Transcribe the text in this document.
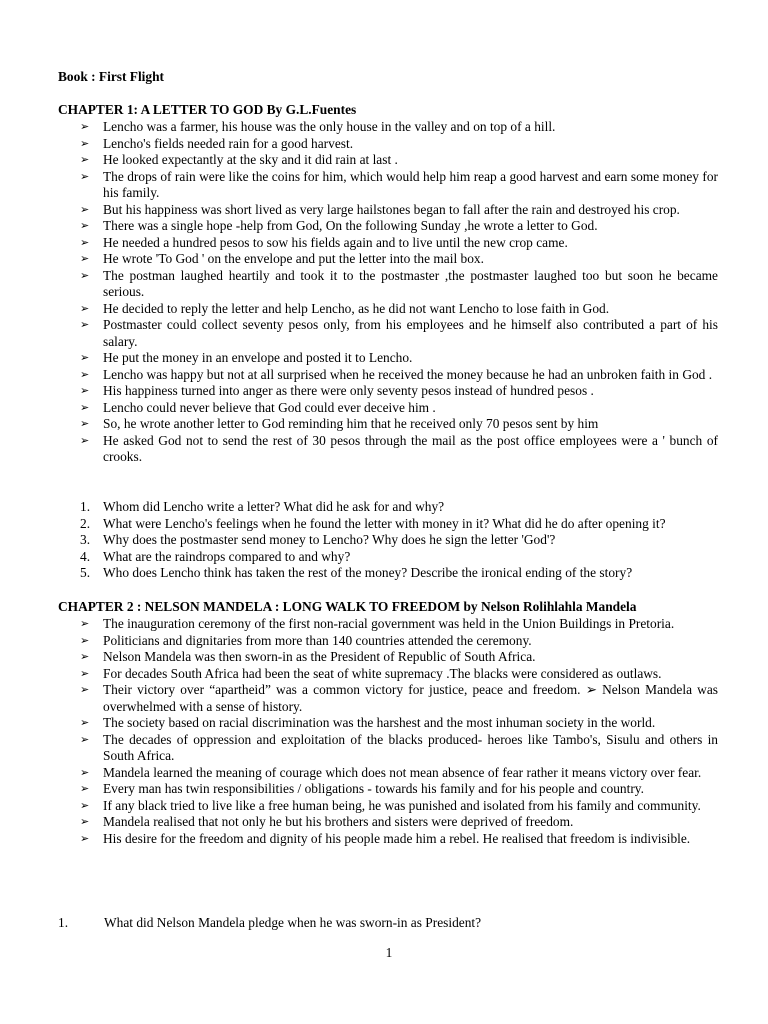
Book : First Flight
CHAPTER 1: A LETTER TO GOD By G.L.Fuentes
➢	Lencho was a farmer, his house was the only house in the valley and on top of a hill.
➢	Lencho's fields needed rain for a good harvest.
➢	He looked expectantly at the sky and it did rain at last .
➢	The drops of rain were like the coins for him, which would help him reap a good harvest and earn some money for his family.
➢	But his happiness was short lived as very large hailstones began to fall after the rain and destroyed his crop.
➢	There was a single hope -help from God, On the following Sunday ,he wrote a letter to God.
➢	He needed a hundred pesos to sow his fields again and to live until the new crop came.
➢	He wrote 'To God ' on the envelope and put the letter into the mail box.
➢	The postman laughed heartily and took it to the postmaster ,the postmaster laughed too but soon he became serious.
➢	He decided to reply the letter and help Lencho, as he did not want Lencho to lose faith in God.
➢	Postmaster could collect seventy pesos only, from his employees and he himself also contributed a part of his salary.
➢	He put the money in an envelope and posted it to Lencho.
➢	Lencho was happy but not at all surprised when he received the money because he had an unbroken faith in God .
➢	His happiness turned into anger as there were only seventy pesos instead of hundred pesos .
➢	Lencho could never believe that God could ever deceive him .
➢	So, he wrote another letter to God reminding him that he received only 70 pesos sent by him
➢	He asked God not to send the rest of 30 pesos through the mail as the post office employees were a ' bunch of crooks.
1. Whom did Lencho write a letter? What did he ask for and why?
2. What were Lencho's feelings when he found the letter with money in it? What did he do after opening it?
3. Why does the postmaster send money to Lencho? Why does he sign the letter 'God'?
4. What are the raindrops compared to and why?
5. Who does Lencho think has taken the rest of the money? Describe the ironical ending of the story?
CHAPTER 2 : NELSON MANDELA : LONG WALK TO FREEDOM by Nelson Rolihlahla Mandela
➢	The inauguration ceremony of the first non-racial government was held in the Union Buildings in Pretoria.
➢	Politicians and dignitaries from more than 140 countries attended the ceremony.
➢	Nelson Mandela was then sworn-in as the President of Republic of South Africa.
➢	For decades South Africa had been the seat of white supremacy .The blacks were considered as outlaws.
➢	Their victory over “apartheid” was a common victory for justice, peace and freedom. ➢ Nelson Mandela was overwhelmed with a sense of history.
➢	The society based on racial discrimination was the harshest and the most inhuman society in the world.
➢	The decades of oppression and exploitation of the blacks produced- heroes like Tambo's, Sisulu and others in South Africa.
➢	Mandela learned the meaning of courage which does not mean absence of fear rather it means victory over fear.
➢	Every man has twin responsibilities / obligations - towards his family and for his people and country.
➢	If any black tried to live like a free human being, he was punished and isolated from his family and community.
➢	Mandela realised that not only he but his brothers and sisters were deprived of freedom.
➢	His desire for the freedom and dignity of his people made him a rebel. He realised that freedom is indivisible.
1.	What did Nelson Mandela pledge when he was sworn-in as President?
1
